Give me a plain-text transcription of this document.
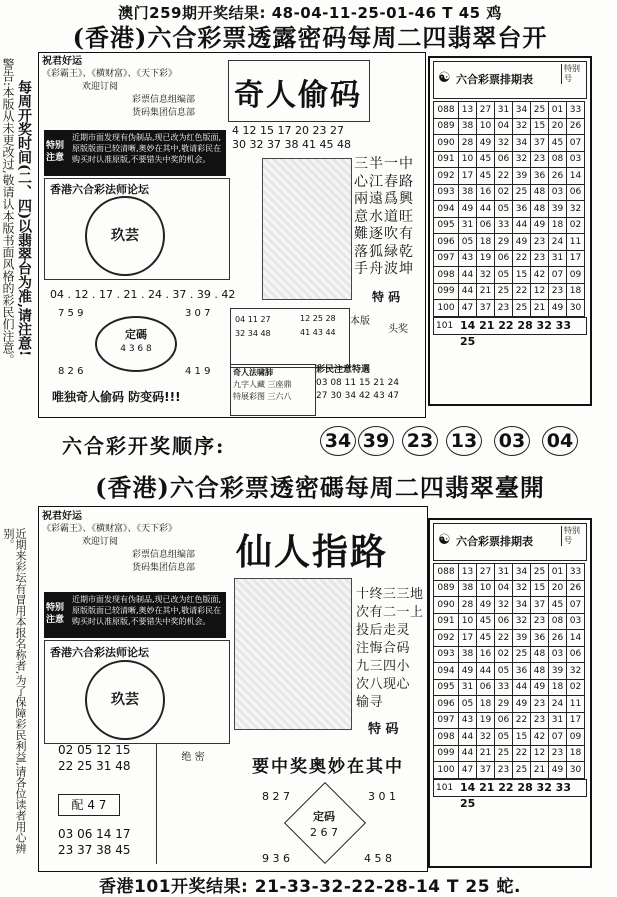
澳门259期开奖结果: 48-04-11-25-01-46 T 45 鸡
(香港)六合彩票透露密码每周二四翡翠台开
警告:本版从未更改过,敬请认本版书面风格的彩民们注意。 每周开奖时间(二、四)以翡翠台为准,请注意!
祝君好运
《彩霸王》、《横财富》、《天下彩》
欢迎订阅
彩票信息组编部
货码集团信息部
特别注意
近期市面发现有伪制品,现已改为红色版面,原版版面已较清晰,奥妙在其中,敬请彩民在购买时认准原版,不要错失中奖的机会。
香港六合彩法师论坛
玖芸
奇人偷码
4 12 15 17 20 23 27
30 32 37 38 41 45 48
三半一中
心江春路
兩遠爲興
意水道旺
難逐吹有
落狐緑乾
手舟波坤
特 码
04 . 12 . 17 . 21 . 24 . 37 . 39 . 42
7 5 9	3 0 7
定碼
4 3 6 8
8 2 6	4 1 9
唯独奇人偷码 防变码!!!
04 11 27
32 34 48
12 25 28
41 43 44
本版
头奖
奇人法啸肺
九字人藏 三座鼎
特展彩图 三六八
彩民注意特選
03 08 11 15 21 24
27 30 34 42 43 47
六合彩开奖顺序:	34 39 23 13 03 04
(香港)六合彩票透密碼每周二四翡翠臺開
近期来彩坛有冒用本报名称者,为了保障彩民利益,请各位读者用心辨别。
祝君好运
《彩霸王》、《横财富》、《天下彩》
欢迎订阅
彩票信息组编部
货码集团信息部
特别注意
近期市面发现有伪制品,现已改为红色版面,原版版面已较清晰,奥妙在其中,敬请彩民在购买时认准原版,不要错失中奖的机会。
香港六合彩法师论坛
玖芸
仙人指路
十终三三地
次有二一上
投后走灵
注悔合码
九三四小
次八现心
输寻
特 码
要中奖奥妙在其中
02 05 12 15
22 25 31 48
配 4 7
03 06 14 17
23 37 38 45
绝 密
8 2 7	3 0 1
定码
2 6 7
9 3 6	4 5 8
☯ 六合彩票排期表
特别号
088	13	27	31	34	25	01	33
089	38	10	04	32	15	20	26
090	28	49	32	34	37	45	07
091	10	45	06	32	23	08	03
092	17	45	22	39	36	26	14
093	38	16	02	25	48	03	06
094	49	44	05	36	48	39	32
095	31	06	33	44	49	18	02
096	05	18	29	49	23	24	11
097	43	19	06	22	23	31	17
098	44	32	05	15	42	07	09
099	44	21	25	22	12	23	18
100	47	37	23	25	21	49	30
101 14 21 22 28 32 33 25
☯ 六合彩票排期表
特别号
088	13	27	31	34	25	01	33
089	38	10	04	32	15	20	26
090	28	49	32	34	37	45	07
091	10	45	06	32	23	08	03
092	17	45	22	39	36	26	14
093	38	16	02	25	48	03	06
094	49	44	05	36	48	39	32
095	31	06	33	44	49	18	02
096	05	18	29	49	23	24	11
097	43	19	06	22	23	31	17
098	44	32	05	15	42	07	09
099	44	21	25	22	12	23	18
100	47	37	23	25	21	49	30
101 14 21 22 28 32 33 25
香港101开奖结果: 21-33-32-22-28-14 T 25 蛇.
